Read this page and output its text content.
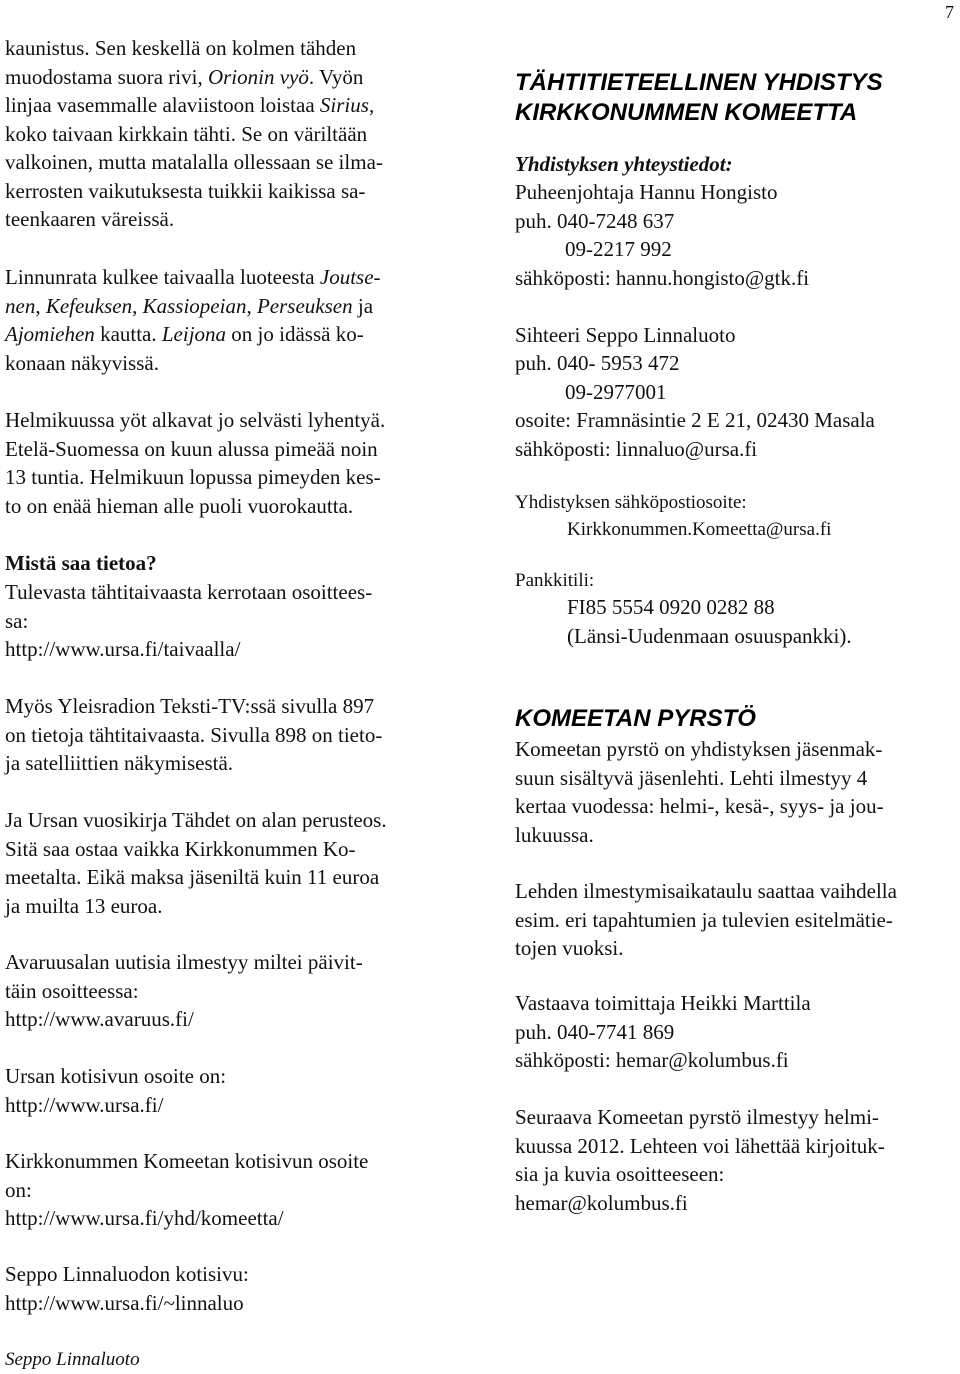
7
kaunistus. Sen keskellä on kolmen tähden
muodostama suora rivi, Orionin vyö. Vyön
linjaa vasemmalle alaviistoon loistaa Sirius,
koko taivaan kirkkain tähti. Se on väriltään
valkoinen, mutta matalalla ollessaan se ilma-
kerrosten vaikutuksesta tuikkii kaikissa sa-
teenkaaren väreissä.
Linnunrata kulkee taivaalla luoteesta Joutse-
nen, Kefeuksen, Kassiopeian, Perseuksen ja
Ajomiehen kautta. Leijona on jo idässä ko-
konaan näkyvissä.
Helmikuussa yöt alkavat jo selvästi lyhentyä.
Etelä-Suomessa on kuun alussa pimeää noin
13 tuntia. Helmikuun lopussa pimeyden kes-
to on enää hieman alle puoli vuorokautta.
Mistä saa tietoa?
Tulevasta tähtitaivaasta kerrotaan osoittees-
sa:
http://www.ursa.fi/taivaalla/
Myös Yleisradion Teksti-TV:ssä sivulla 897
on tietoja tähtitaivaasta. Sivulla 898 on tieto-
ja satelliittien näkymisestä.
Ja Ursan vuosikirja Tähdet on alan perusteos.
Sitä saa ostaa vaikka Kirkkonummen Ko-
meetalta. Eikä maksa jäseniltä kuin 11 euroa
ja muilta 13 euroa.
Avaruusalan uutisia ilmestyy miltei päivit-
täin osoitteessa:
http://www.avaruus.fi/
Ursan kotisivun osoite on:
http://www.ursa.fi/
Kirkkonummen Komeetan kotisivun osoite
on:
http://www.ursa.fi/yhd/komeetta/
Seppo Linnaluodon kotisivu:
http://www.ursa.fi/~linnaluo
Seppo Linnaluoto
TÄHTITIETEELLINEN YHDISTYS
KIRKKONUMMEN KOMEETTA
Yhdistyksen yhteystiedot:
Puheenjohtaja Hannu Hongisto
puh. 040-7248 637
09-2217 992
sähköposti: hannu.hongisto@gtk.fi
Sihteeri Seppo Linnaluoto
puh. 040- 5953 472
09-2977001
osoite: Framnäsintie 2 E 21, 02430 Masala
sähköposti: linnaluo@ursa.fi
Yhdistyksen sähköpostiosoite:
Kirkkonummen.Komeetta@ursa.fi
Pankkitili:
FI85 5554 0920 0282 88
(Länsi-Uudenmaan osuuspankki).
KOMEETAN PYRSTÖ
Komeetan pyrstö on yhdistyksen jäsenmak-
suun sisältyvä jäsenlehti. Lehti ilmestyy 4
kertaa vuodessa: helmi-, kesä-, syys- ja jou-
lukuussa.
Lehden ilmestymisaikataulu saattaa vaihdella
esim. eri tapahtumien ja tulevien esitelmätie-
tojen vuoksi.
Vastaava toimittaja Heikki Marttila
puh. 040-7741 869
sähköposti: hemar@kolumbus.fi
Seuraava Komeetan pyrstö ilmestyy helmi-
kuussa 2012. Lehteen voi lähettää kirjoituk-
sia ja kuvia osoitteeseen:
hemar@kolumbus.fi
